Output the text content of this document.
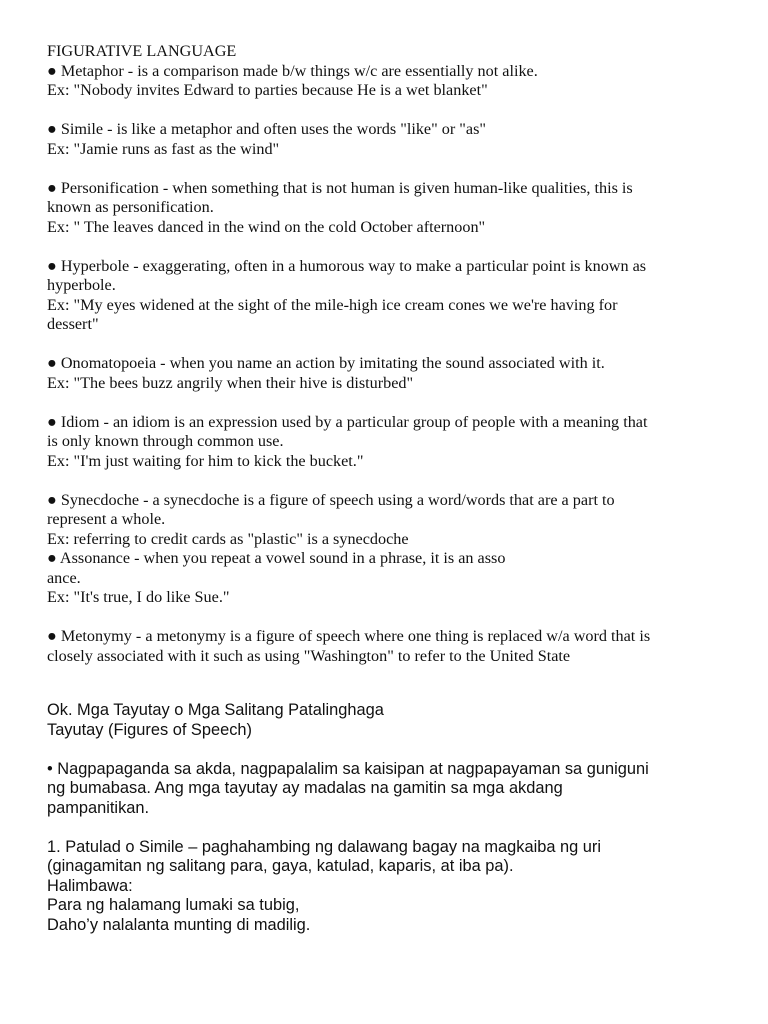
FIGURATIVE LANGUAGE
● Metaphor - is a comparison made b/w things w/c are essentially not alike.
Ex: "Nobody invites Edward to parties because He is a wet blanket"
● Simile - is like a metaphor and often uses the words "like" or "as"
Ex: "Jamie runs as fast as the wind"
● Personification - when something that is not human is given human-like qualities, this is
known as personification.
Ex: " The leaves danced in the wind on the cold October afternoon"
● Hyperbole - exaggerating, often in a humorous way to make a particular point is known as
hyperbole.
Ex: "My eyes widened at the sight of the mile-high ice cream cones we we're having for
dessert"
● Onomatopoeia - when you name an action by imitating the sound associated with it.
Ex: "The bees buzz angrily when their hive is disturbed"
● Idiom - an idiom is an expression used by a particular group of people with a meaning that
is only known through common use.
Ex: "I'm just waiting for him to kick the bucket."
● Synecdoche - a synecdoche is a figure of speech using a word/words that are a part to
represent a whole.
Ex: referring to credit cards as "plastic" is a synecdoche
● Assonance - when you repeat a vowel sound in a phrase, it is an asso
ance.
Ex: "It's true, I do like Sue."
● Metonymy - a metonymy is a figure of speech where one thing is replaced w/a word that is
closely associated with it such as using "Washington" to refer to the United State
Ok. Mga Tayutay o Mga Salitang Patalinghaga
Tayutay (Figures of Speech)
• Nagpapaganda sa akda, nagpapalalim sa kaisipan at nagpapayaman sa guniguni
ng bumabasa. Ang mga tayutay ay madalas na gamitin sa mga akdang
pampanitikan.
1. Patulad o Simile – paghahambing ng dalawang bagay na magkaiba ng uri
(ginagamitan ng salitang para, gaya, katulad, kaparis, at iba pa).
Halimbawa:
Para ng halamang lumaki sa tubig,
Daho’y nalalanta munting di madilig.
